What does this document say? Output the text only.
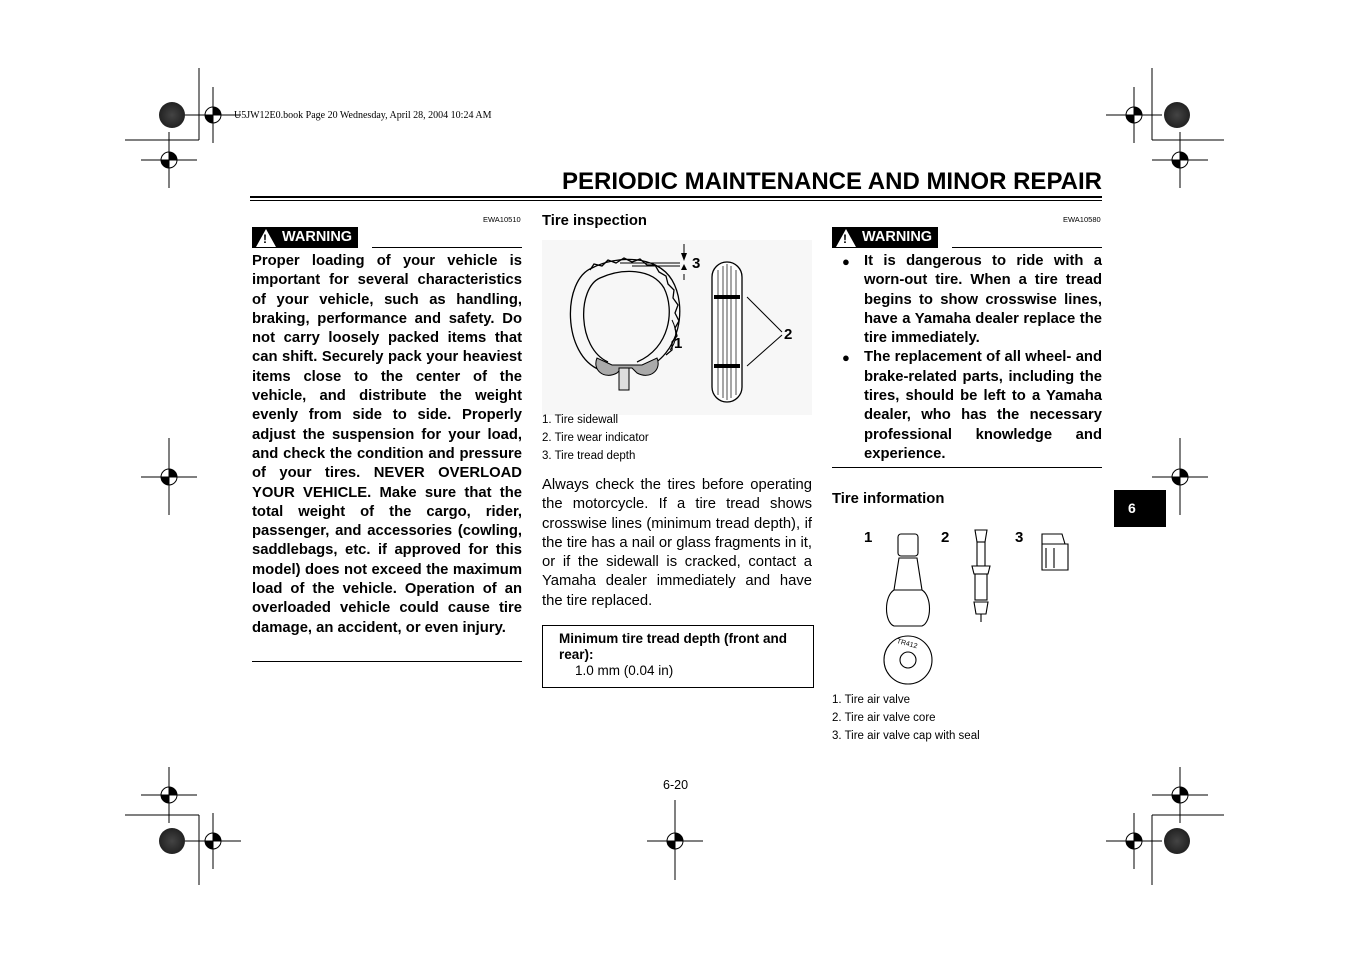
U5JW12E0.book Page 20 Wednesday, April 28, 2004 10:24 AM
PERIODIC MAINTENANCE AND MINOR REPAIR
EWA10510
! WARNING
Proper loading of your vehicle is important for several characteristics of your vehicle, such as handling, braking, performance and safety. Do not carry loosely packed items that can shift. Securely pack your heaviest items close to the center of the vehicle, and distribute the weight evenly from side to side. Properly adjust the suspension for your load, and check the condition and pressure of your tires. NEVER OVERLOAD YOUR VEHICLE. Make sure that the total weight of the cargo, rider, passenger, and accessories (cowling, saddlebags, etc. if approved for this model) does not exceed the maximum load of the vehicle. Operation of an overloaded vehicle could cause tire damage, an accident, or even injury.
Tire inspection
3
1
2
1. Tire sidewall
2. Tire wear indicator
3. Tire tread depth
Always check the tires before operating the motorcycle. If a tire tread shows crosswise lines (minimum tread depth), if the tire has a nail or glass fragments in it, or if the sidewall is cracked, contact a Yamaha dealer immediately and have the tire replaced.
Minimum tire tread depth (front and rear):
1.0 mm (0.04 in)
EWA10580
! WARNING
● It is dangerous to ride with a worn-out tire. When a tire tread begins to show crosswise lines, have a Yamaha dealer replace the tire immediately.
● The replacement of all wheel- and brake-related parts, including the tires, should be left to a Yamaha dealer, who has the necessary professional knowledge and experience.
Tire information
1	2	3
TR412
1. Tire air valve
2. Tire air valve core
3. Tire air valve cap with seal
6
6-20
